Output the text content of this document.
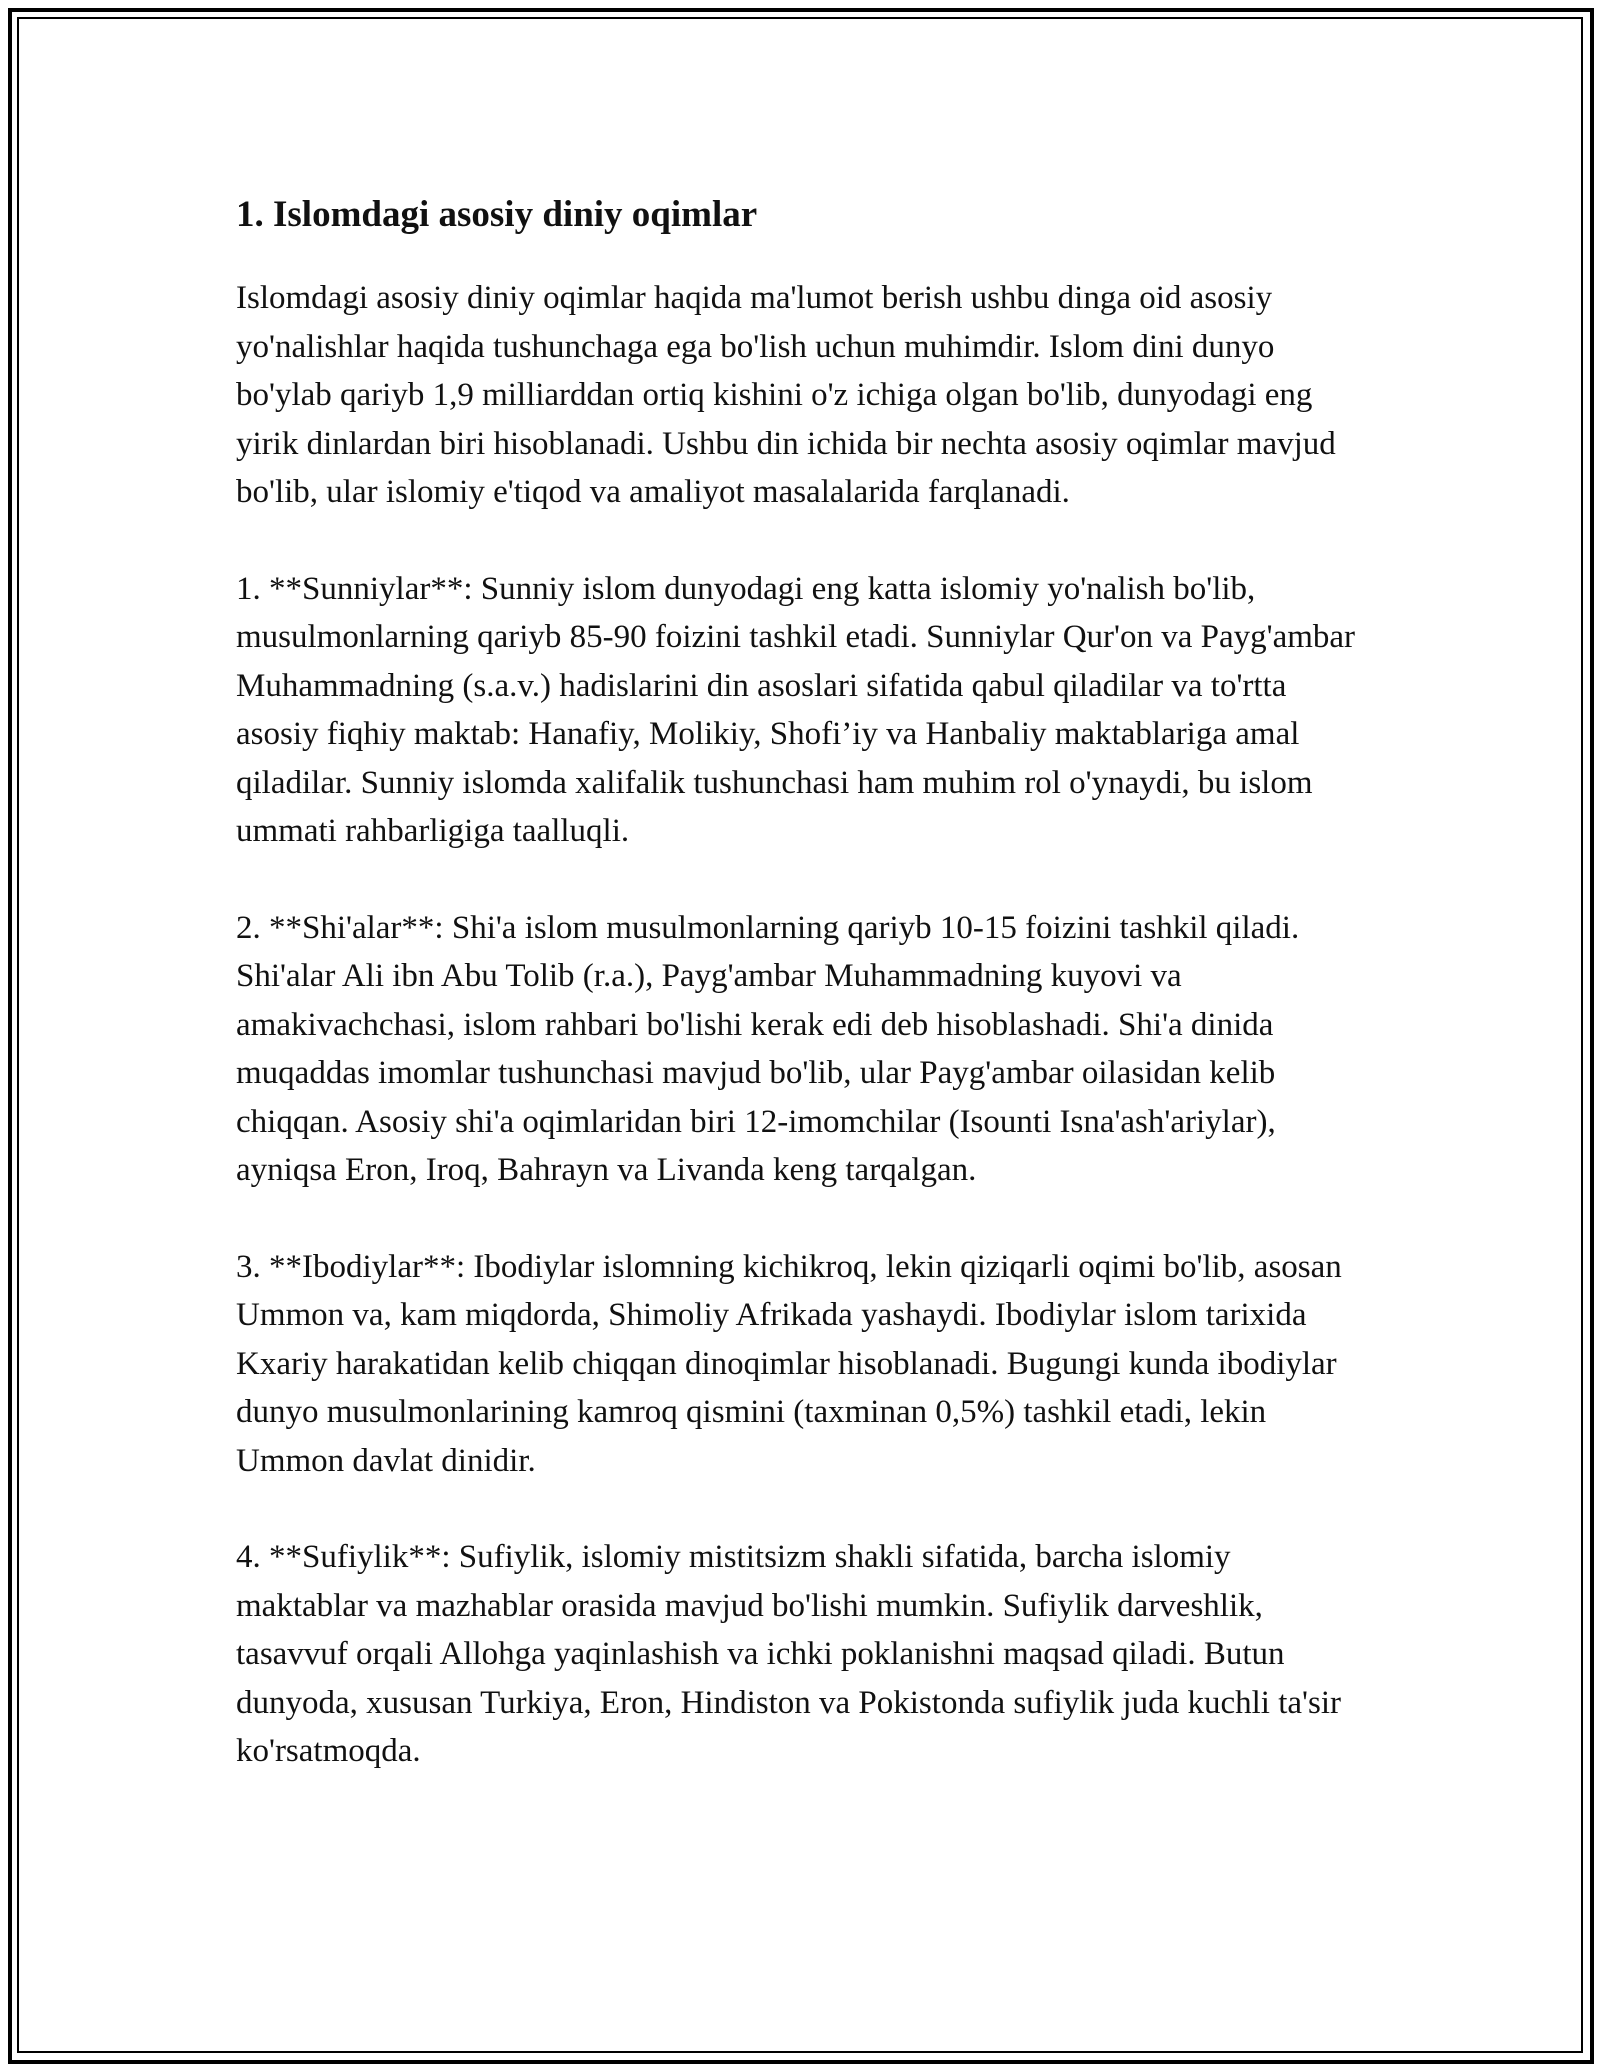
1. Islomdagi asosiy diniy oqimlar

Islomdagi asosiy diniy oqimlar haqida ma'lumot berish ushbu dinga oid asosiy yo'nalishlar haqida tushunchaga ega bo'lish uchun muhimdir. Islom dini dunyo bo'ylab qariyb 1,9 milliarddan ortiq kishini o'z ichiga olgan bo'lib, dunyodagi eng yirik dinlardan biri hisoblanadi. Ushbu din ichida bir nechta asosiy oqimlar mavjud bo'lib, ular islomiy e'tiqod va amaliyot masalalarida farqlanadi.

1. **Sunniylar**: Sunniy islom dunyodagi eng katta islomiy yo'nalish bo'lib, musulmonlarning qariyb 85-90 foizini tashkil etadi. Sunniylar Qur'on va Payg'ambar Muhammadning (s.a.v.) hadislarini din asoslari sifatida qabul qiladilar va to'rtta asosiy fiqhiy maktab: Hanafiy, Molikiy, Shofi’iy va Hanbaliy maktablariga amal qiladilar. Sunniy islomda xalifalik tushunchasi ham muhim rol o'ynaydi, bu islom ummati rahbarligiga taalluqli.

2. **Shi'alar**: Shi'a islom musulmonlarning qariyb 10-15 foizini tashkil qiladi. Shi'alar Ali ibn Abu Tolib (r.a.), Payg'ambar Muhammadning kuyovi va amakivachchasi, islom rahbari bo'lishi kerak edi deb hisoblashadi. Shi'a dinida muqaddas imomlar tushunchasi mavjud bo'lib, ular Payg'ambar oilasidan kelib chiqqan. Asosiy shi'a oqimlaridan biri 12-imomchilar (Isounti Isna'ash'ariylar), ayniqsa Eron, Iroq, Bahrayn va Livanda keng tarqalgan.

3. **Ibodiylar**: Ibodiylar islomning kichikroq, lekin qiziqarli oqimi bo'lib, asosan Ummon va, kam miqdorda, Shimoliy Afrikada yashaydi. Ibodiylar islom tarixida Kxariy harakatidan kelib chiqqan dinoqimlar hisoblanadi. Bugungi kunda ibodiylar dunyo musulmonlarining kamroq qismini (taxminan 0,5%) tashkil etadi, lekin Ummon davlat dinidir.

4. **Sufiylik**: Sufiylik, islomiy mistitsizm shakli sifatida, barcha islomiy maktablar va mazhablar orasida mavjud bo'lishi mumkin. Sufiylik darveshlik, tasavvuf orqali Allohga yaqinlashish va ichki poklanishni maqsad qiladi. Butun dunyoda, xususan Turkiya, Eron, Hindiston va Pokistonda sufiylik juda kuchli ta'sir ko'rsatmoqda.
